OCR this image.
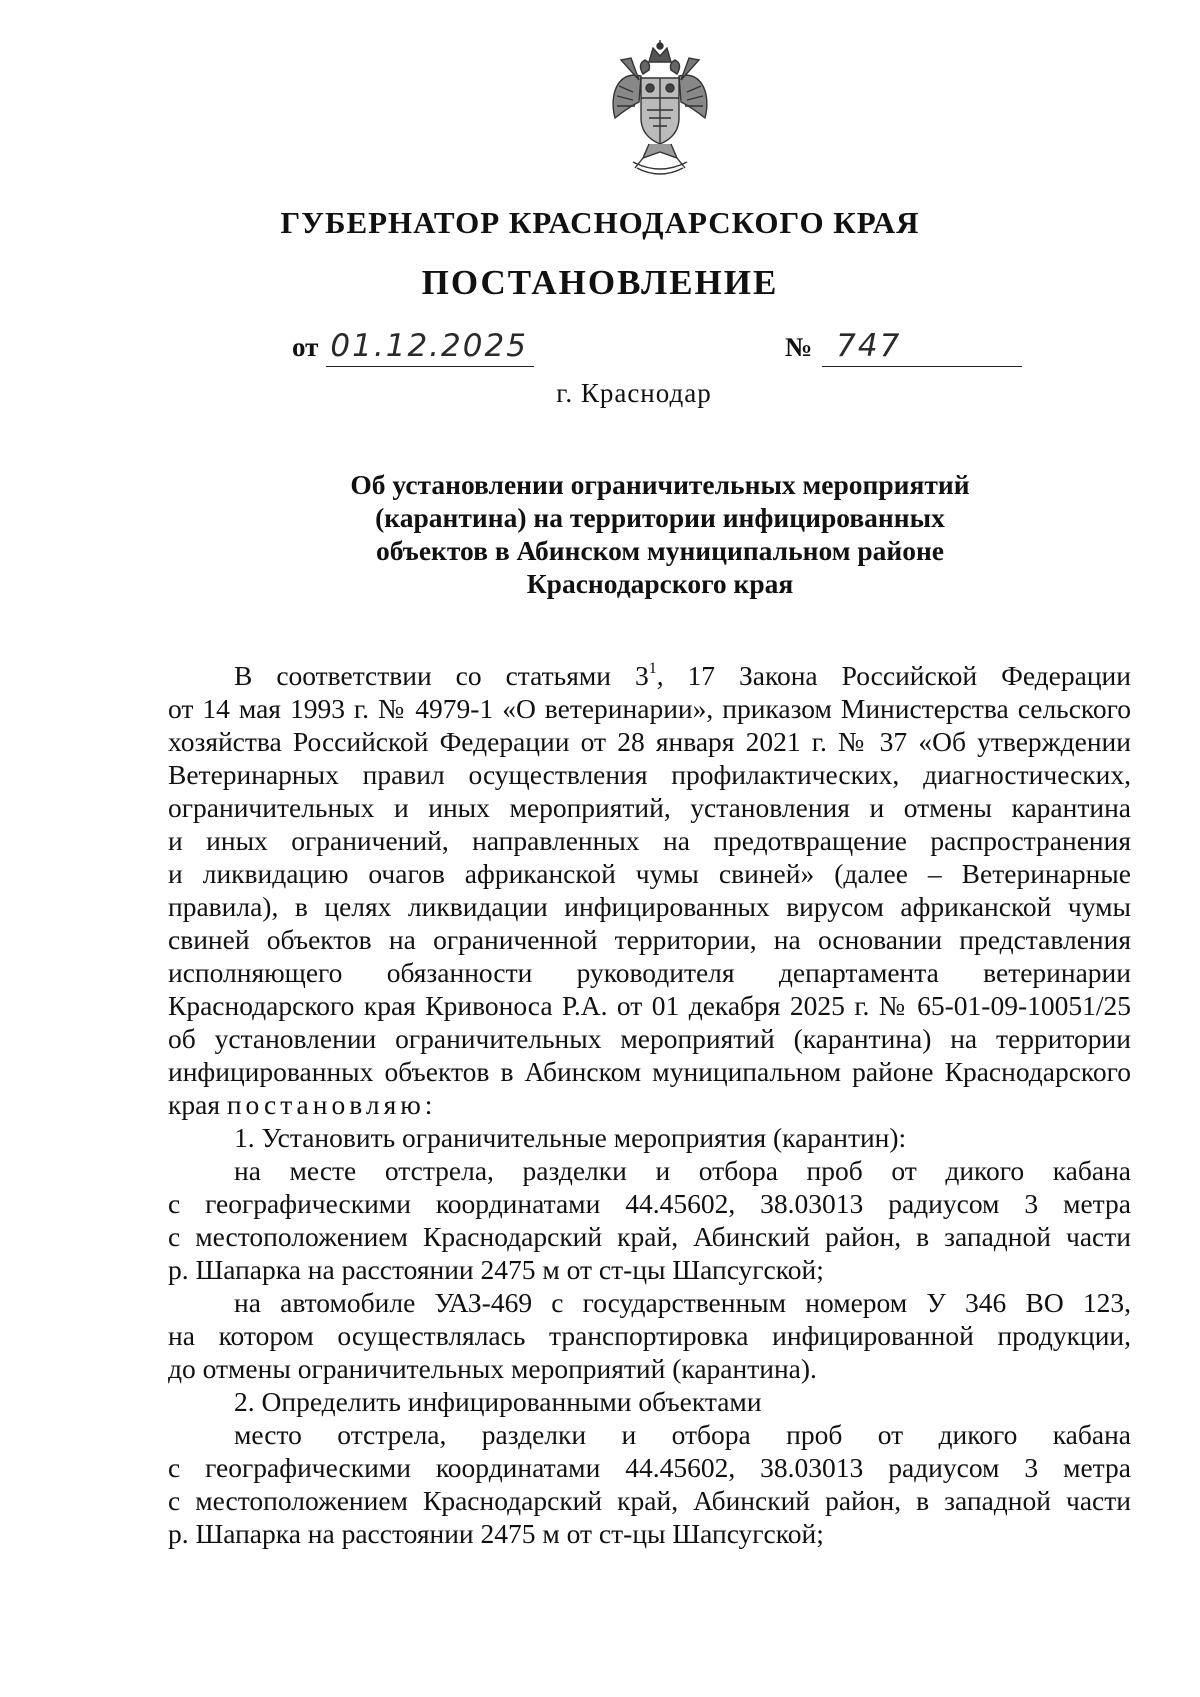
ГУБЕРНАТОР КРАСНОДАРСКОГО КРАЯ
ПОСТАНОВЛЕНИЕ
от 01.12.2025	№ 747
г. Краснодар
Об установлении ограничительных мероприятий
(карантина) на территории инфицированных
объектов в Абинском муниципальном районе
Краснодарского края
В соответствии со статьями $3^1$, 17 Закона Российской Федерации
от 14 мая 1993 г. № 4979-1 «О ветеринарии», приказом Министерства сельского
хозяйства Российской Федерации от 28 января 2021 г. № 37 «Об утверждении
Ветеринарных правил осуществления профилактических, диагностических,
ограничительных и иных мероприятий, установления и отмены карантина
и иных ограничений, направленных на предотвращение распространения
и ликвидацию очагов африканской чумы свиней» (далее – Ветеринарные
правила), в целях ликвидации инфицированных вирусом африканской чумы
свиней объектов на ограниченной территории, на основании представления
исполняющего обязанности руководителя департамента ветеринарии
Краснодарского края Кривоноса Р.А. от 01 декабря 2025 г. № 65-01-09-10051/25
об установлении ограничительных мероприятий (карантина) на территории
инфицированных объектов в Абинском муниципальном районе Краснодарского
края постановляю:
1. Установить ограничительные мероприятия (карантин):
на месте отстрела, разделки и отбора проб от дикого кабана
с географическими координатами 44.45602, 38.03013 радиусом 3 метра
с местоположением Краснодарский край, Абинский район, в западной части
р. Шапарка на расстоянии 2475 м от ст-цы Шапсугской;
на автомобиле УАЗ-469 с государственным номером У 346 ВО 123,
на котором осуществлялась транспортировка инфицированной продукции,
до отмены ограничительных мероприятий (карантина).
2. Определить инфицированными объектами
место отстрела, разделки и отбора проб от дикого кабана
с географическими координатами 44.45602, 38.03013 радиусом 3 метра
с местоположением Краснодарский край, Абинский район, в западной части
р. Шапарка на расстоянии 2475 м от ст-цы Шапсугской;
